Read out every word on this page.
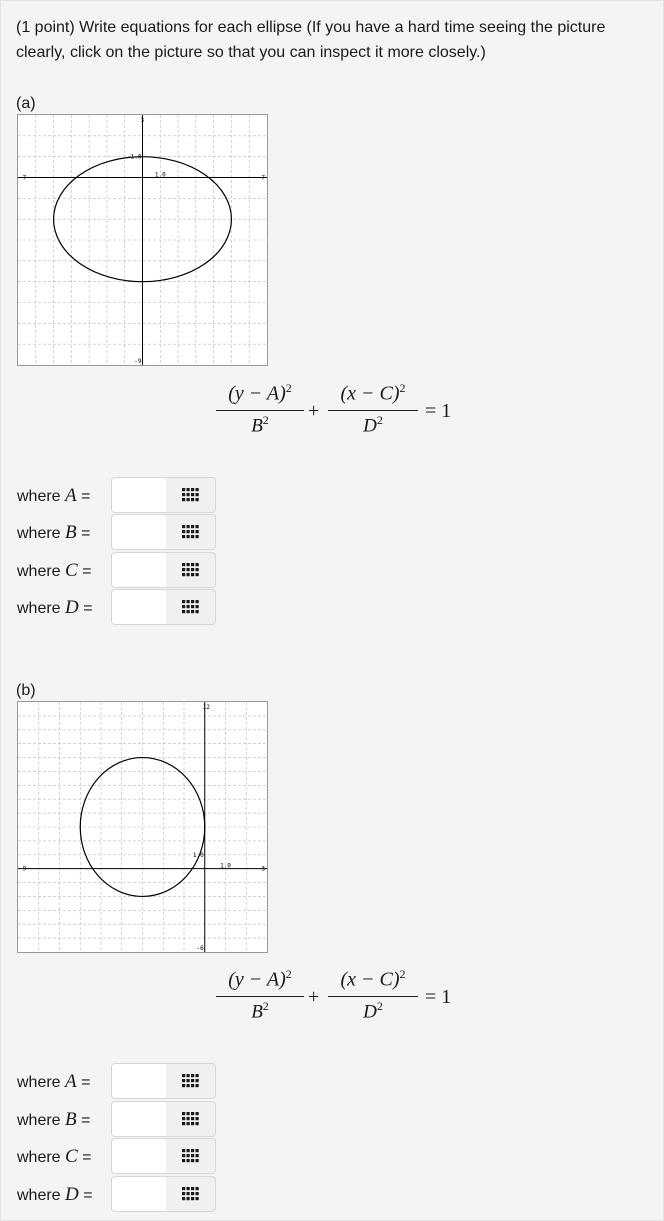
(1 point) Write equations for each ellipse (If you have a hard time seeing the picture clearly, click on the picture so that you can inspect it more closely.)
(a)
-7	7
3
-9
1.0
1.0
$(y - A)^2$
$B^2$	+
$(x - C)^2$
$D^2$	= 1
where A =
where B =
where C =
where D =
(b)
-9	3
12
-6
1.0
1.0
$(y - A)^2$
$B^2$	+
$(x - C)^2$
$D^2$	= 1
where A =
where B =
where C =
where D =
